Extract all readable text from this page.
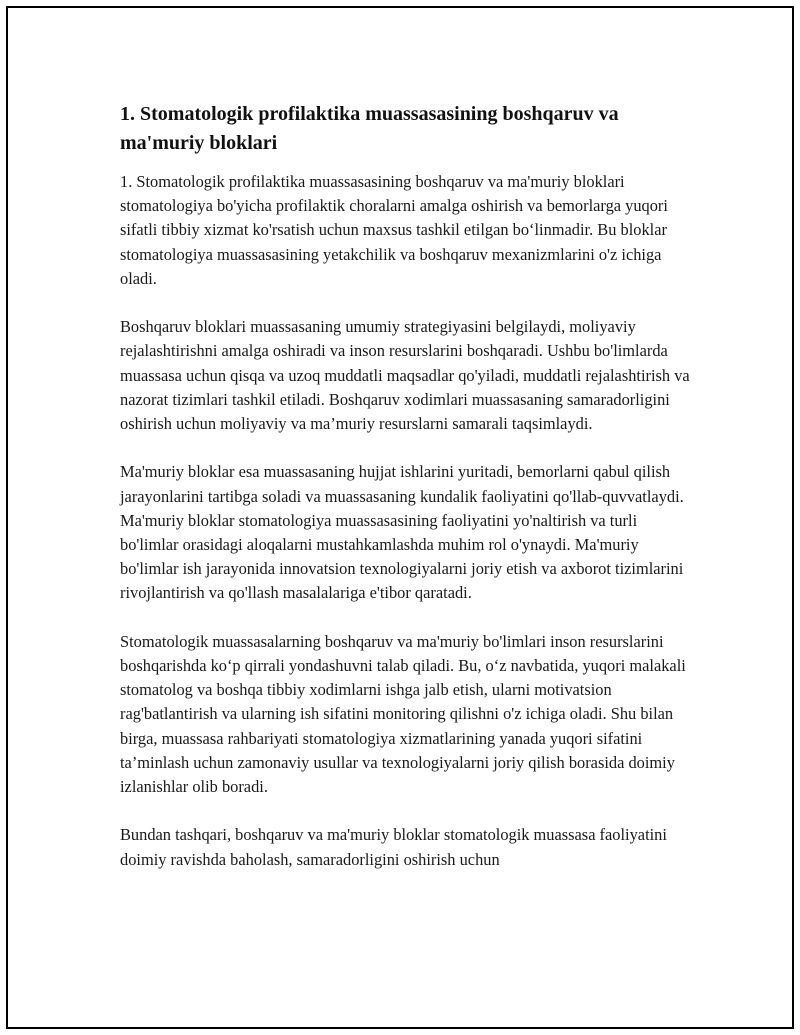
1. Stomatologik profilaktika muassasasining boshqaruv va ma'muriy bloklari

1. Stomatologik profilaktika muassasasining boshqaruv va ma'muriy bloklari stomatologiya bo'yicha profilaktik choralarni amalga oshirish va bemorlarga yuqori sifatli tibbiy xizmat ko'rsatish uchun maxsus tashkil etilgan bo‘linmadir. Bu bloklar stomatologiya muassasasining yetakchilik va boshqaruv mexanizmlarini o'z ichiga oladi.

Boshqaruv bloklari muassasaning umumiy strategiyasini belgilaydi, moliyaviy rejalashtirishni amalga oshiradi va inson resurslarini boshqaradi. Ushbu bo'limlarda muassasa uchun qisqa va uzoq muddatli maqsadlar qo'yiladi, muddatli rejalashtirish va nazorat tizimlari tashkil etiladi. Boshqaruv xodimlari muassasaning samaradorligini oshirish uchun moliyaviy va ma’muriy resurslarni samarali taqsimlaydi.

Ma'muriy bloklar esa muassasaning hujjat ishlarini yuritadi, bemorlarni qabul qilish jarayonlarini tartibga soladi va muassasaning kundalik faoliyatini qo'llab-quvvatlaydi. Ma'muriy bloklar stomatologiya muassasasining faoliyatini yo'naltirish va turli bo'limlar orasidagi aloqalarni mustahkamlashda muhim rol o'ynaydi. Ma'muriy bo'limlar ish jarayonida innovatsion texnologiyalarni joriy etish va axborot tizimlarini rivojlantirish va qo'llash masalalariga e'tibor qaratadi.

Stomatologik muassasalarning boshqaruv va ma'muriy bo'limlari inson resurslarini boshqarishda ko‘p qirrali yondashuvni talab qiladi. Bu, o‘z navbatida, yuqori malakali stomatolog va boshqa tibbiy xodimlarni ishga jalb etish, ularni motivatsion rag'batlantirish va ularning ish sifatini monitoring qilishni o'z ichiga oladi. Shu bilan birga, muassasa rahbariyati stomatologiya xizmatlarining yanada yuqori sifatini ta’minlash uchun zamonaviy usullar va texnologiyalarni joriy qilish borasida doimiy izlanishlar olib boradi.

Bundan tashqari, boshqaruv va ma'muriy bloklar stomatologik muassasa faoliyatini doimiy ravishda baholash, samaradorligini oshirish uchun
